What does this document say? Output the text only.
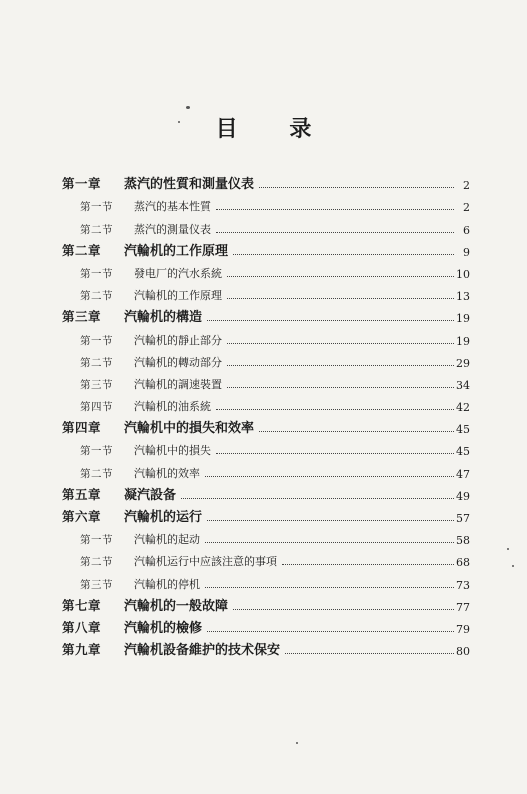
目 录
第一章	蒸汽的性質和測量仪表	2
第一节	蒸汽的基本性質	2
第二节	蒸汽的測量仪表	6
第二章	汽輪机的工作原理	9
第一节	發电厂的汽水系統	10
第二节	汽輪机的工作原理	13
第三章	汽輪机的構造	19
第一节	汽輪机的靜止部分	19
第二节	汽輪机的轉动部分	29
第三节	汽輪机的調速裝置	34
第四节	汽輪机的油系統	42
第四章	汽輪机中的損失和效率	45
第一节	汽輪机中的損失	45
第二节	汽輪机的效率	47
第五章	凝汽設备	49
第六章	汽輪机的运行	57
第一节	汽輪机的起动	58
第二节	汽輪机运行中应該注意的事項	68
第三节	汽輪机的停机	73
第七章	汽輪机的一般故障	77
第八章	汽輪机的檢修	79
第九章	汽輪机設备維护的技术保安	80
